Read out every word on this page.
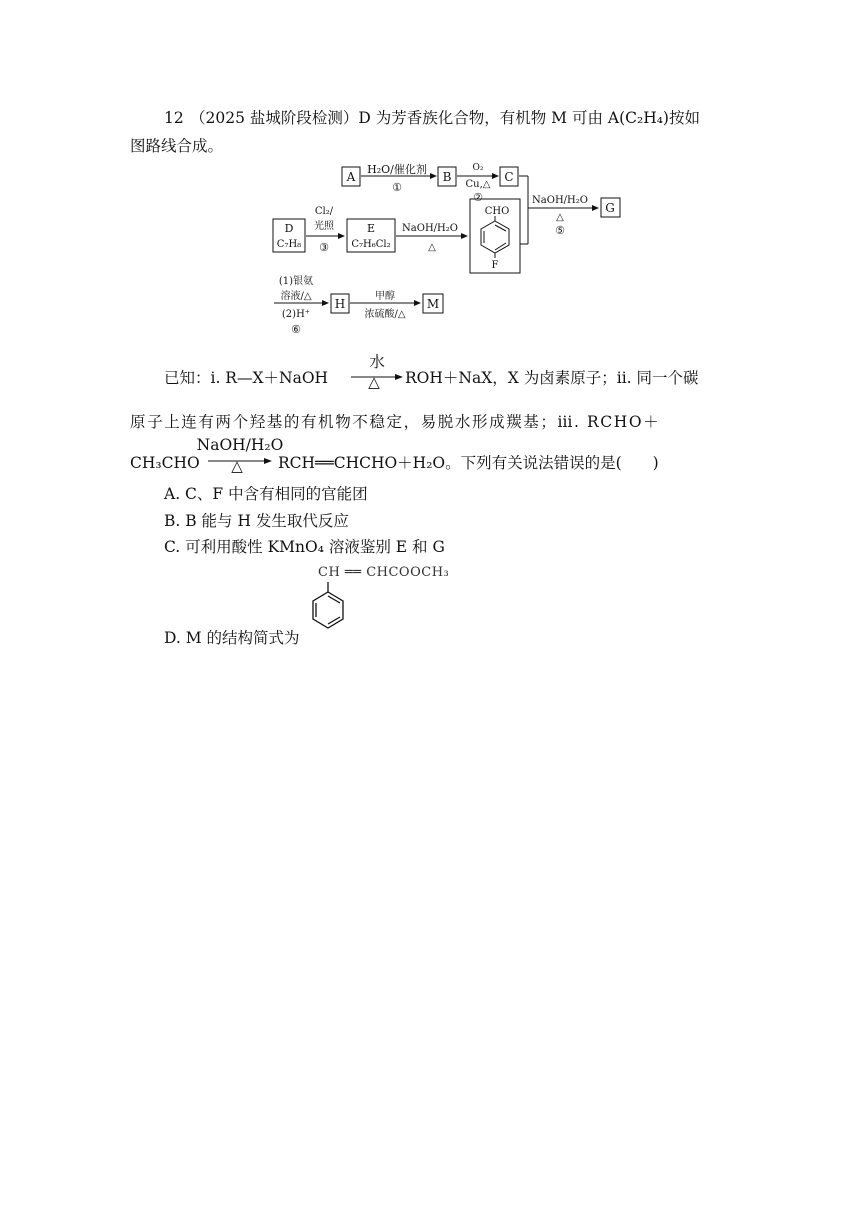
12 （2025 盐城阶段检测）D 为芳香族化合物，有机物 M 可由 A(C₂H₄)按如
图路线合成。
A	B	C
G
D
C₇H₈
E
C₇H₆Cl₂
CHO
F
H	M
H₂O/催化剂
①
O₂
Cu,△
②
Cl₂/
光照
③
NaOH/H₂O
△
NaOH/H₂O
△
⑤
(1)银氨
溶液/△
(2)H⁺
⑥
甲醇
浓硫酸/△
已知：ⅰ. R—X＋NaOH
水
△	ROH＋NaX，X 为卤素原子；ⅱ. 同一个碳
原子上连有两个羟基的有机物不稳定，易脱水形成羰基；ⅲ. RCHO＋
CH₃CHO
NaOH/H₂O
△	RCH══CHCHO＋H₂O。下列有关说法错误的是(　　)
A. C、F 中含有相同的官能团
B. B 能与 H 发生取代反应
C. 可利用酸性 KMnO₄ 溶液鉴别 E 和 G
D. M 的结构简式为
CH ══ CHCOOCH₃
